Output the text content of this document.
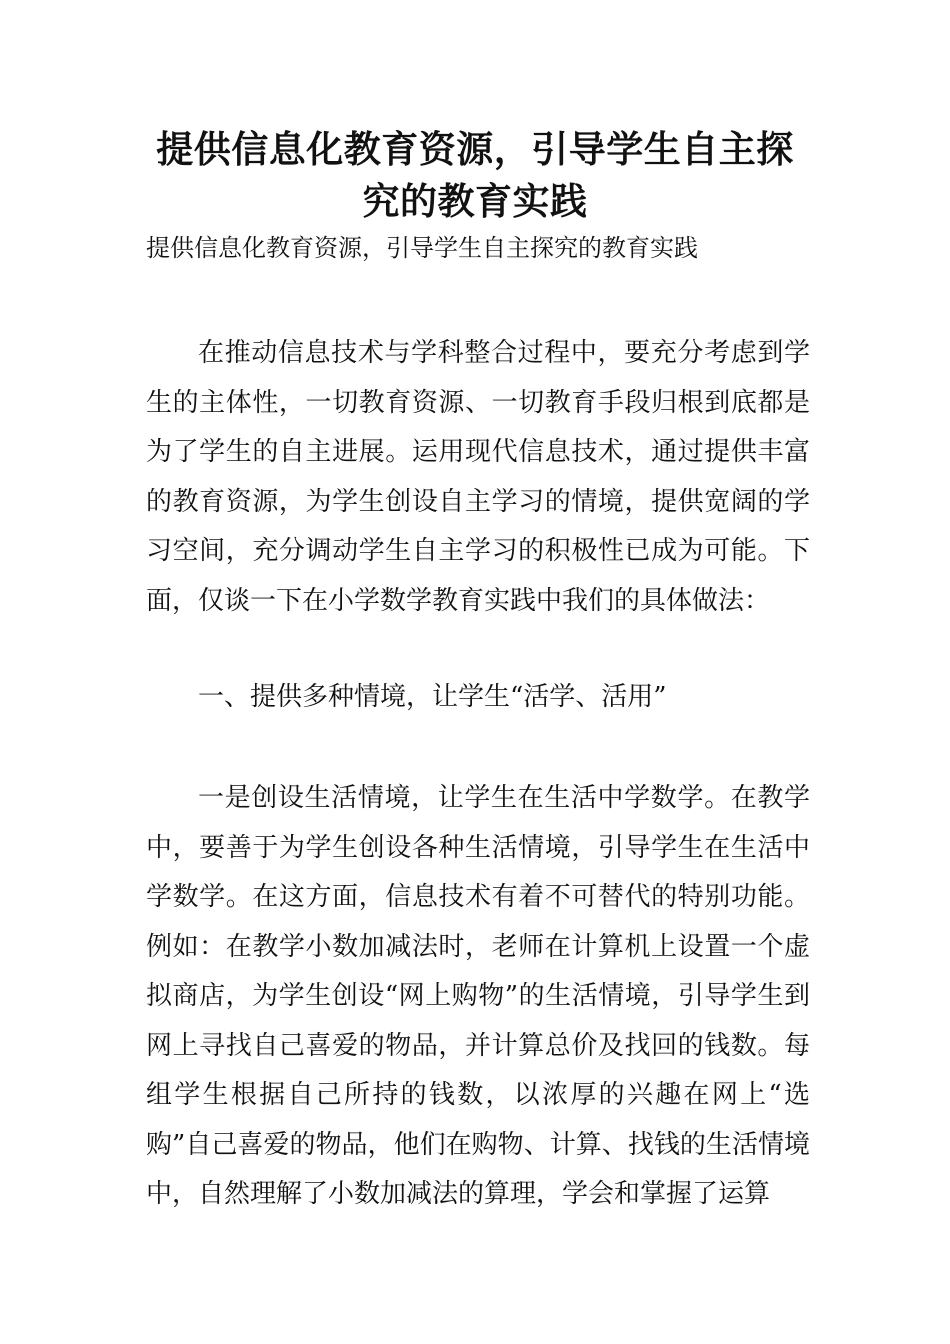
提供信息化教育资源，引导学生自主探究的教育实践

提供信息化教育资源，引导学生自主探究的教育实践

在推动信息技术与学科整合过程中，要充分考虑到学生的主体性，一切教育资源、一切教育手段归根到底都是为了学生的自主进展。运用现代信息技术，通过提供丰富的教育资源，为学生创设自主学习的情境，提供宽阔的学习空间，充分调动学生自主学习的积极性已成为可能。下面，仅谈一下在小学数学教育实践中我们的具体做法：

一、提供多种情境，让学生“活学、活用”

一是创设生活情境，让学生在生活中学数学。在教学中，要善于为学生创设各种生活情境，引导学生在生活中学数学。在这方面，信息技术有着不可替代的特别功能。例如：在教学小数加减法时，老师在计算机上设置一个虚拟商店，为学生创设“网上购物”的生活情境，引导学生到网上寻找自己喜爱的物品，并计算总价及找回的钱数。每组学生根据自己所持的钱数，以浓厚的兴趣在网上“选购”自己喜爱的物品，他们在购物、计算、找钱的生活情境中，自然理解了小数加减法的算理，学会和掌握了运算
